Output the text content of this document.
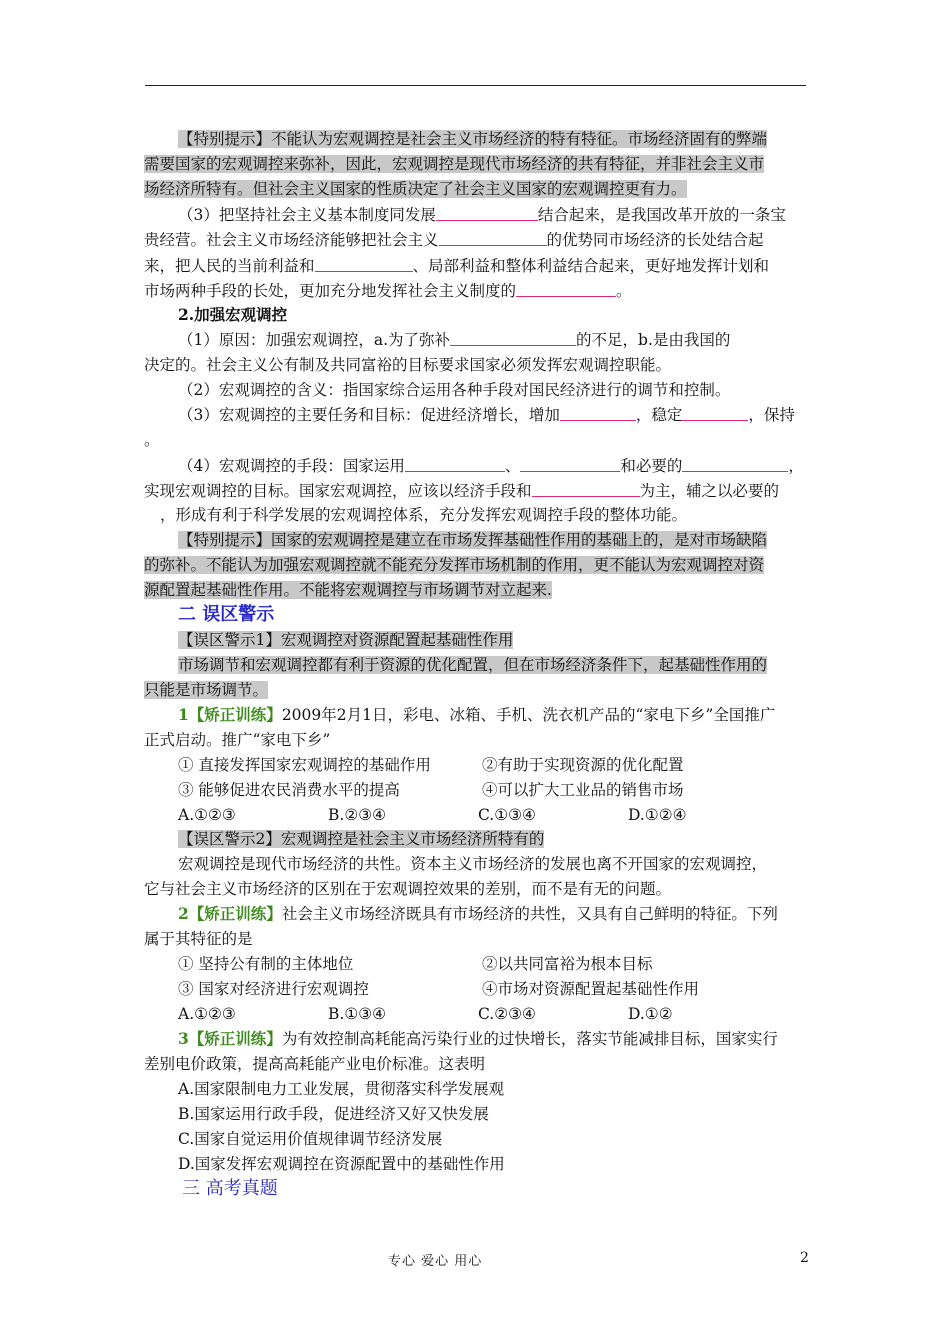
【特别提示】不能认为宏观调控是社会主义市场经济的特有特征。市场经济固有的弊端
需要国家的宏观调控来弥补，因此，宏观调控是现代市场经济的共有特征，并非社会主义市
场经济所特有。但社会主义国家的性质决定了社会主义国家的宏观调控更有力。
（3）把坚持社会主义基本制度同发展	结合起来，是我国改革开放的一条宝
贵经营。社会主义市场经济能够把社会主义	的优势同市场经济的长处结合起
来，把人民的当前利益和	、局部利益和整体利益结合起来，更好地发挥计划和
市场两种手段的长处，更加充分地发挥社会主义制度的	。
2.加强宏观调控
（1）原因：加强宏观调控，a.为了弥补	的不足，b.是由我国的
决定的。社会主义公有制及共同富裕的目标要求国家必须发挥宏观调控职能。
（2）宏观调控的含义：指国家综合运用各种手段对国民经济进行的调节和控制。
（3）宏观调控的主要任务和目标：促进经济增长，增加	，稳定	，保持
。
（4）宏观调控的手段：国家运用	、	和必要的	，
实现宏观调控的目标。国家宏观调控，应该以经济手段和	为主，辅之以必要的
，形成有利于科学发展的宏观调控体系，充分发挥宏观调控手段的整体功能。
【特别提示】国家的宏观调控是建立在市场发挥基础性作用的基础上的，是对市场缺陷
的弥补。不能认为加强宏观调控就不能充分发挥市场机制的作用，更不能认为宏观调控对资
源配置起基础性作用。不能将宏观调控与市场调节对立起来.
二 误区警示
【误区警示1】宏观调控对资源配置起基础性作用
市场调节和宏观调控都有利于资源的优化配置，但在市场经济条件下，起基础性作用的
只能是市场调节。
1【矫正训练】2009年2月1日，彩电、冰箱、手机、洗衣机产品的“家电下乡”全国推广
正式启动。推广“家电下乡”
① 直接发挥国家宏观调控的基础作用	②有助于实现资源的优化配置
③ 能够促进农民消费水平的提高	④可以扩大工业品的销售市场
A.①②③	B.②③④	C.①③④	D.①②④
【误区警示2】宏观调控是社会主义市场经济所特有的
宏观调控是现代市场经济的共性。资本主义市场经济的发展也离不开国家的宏观调控，
它与社会主义市场经济的区别在于宏观调控效果的差别，而不是有无的问题。
2【矫正训练】社会主义市场经济既具有市场经济的共性，又具有自己鲜明的特征。下列
属于其特征的是
① 坚持公有制的主体地位	②以共同富裕为根本目标
③ 国家对经济进行宏观调控	④市场对资源配置起基础性作用
A.①②③	B.①③④	C.②③④	D.①②
3【矫正训练】为有效控制高耗能高污染行业的过快增长，落实节能减排目标，国家实行
差别电价政策，提高高耗能产业电价标准。这表明
A.国家限制电力工业发展，贯彻落实科学发展观
B.国家运用行政手段，促进经济又好又快发展
C.国家自觉运用价值规律调节经济发展
D.国家发挥宏观调控在资源配置中的基础性作用
三 高考真题
专心 爱心 用心	2
